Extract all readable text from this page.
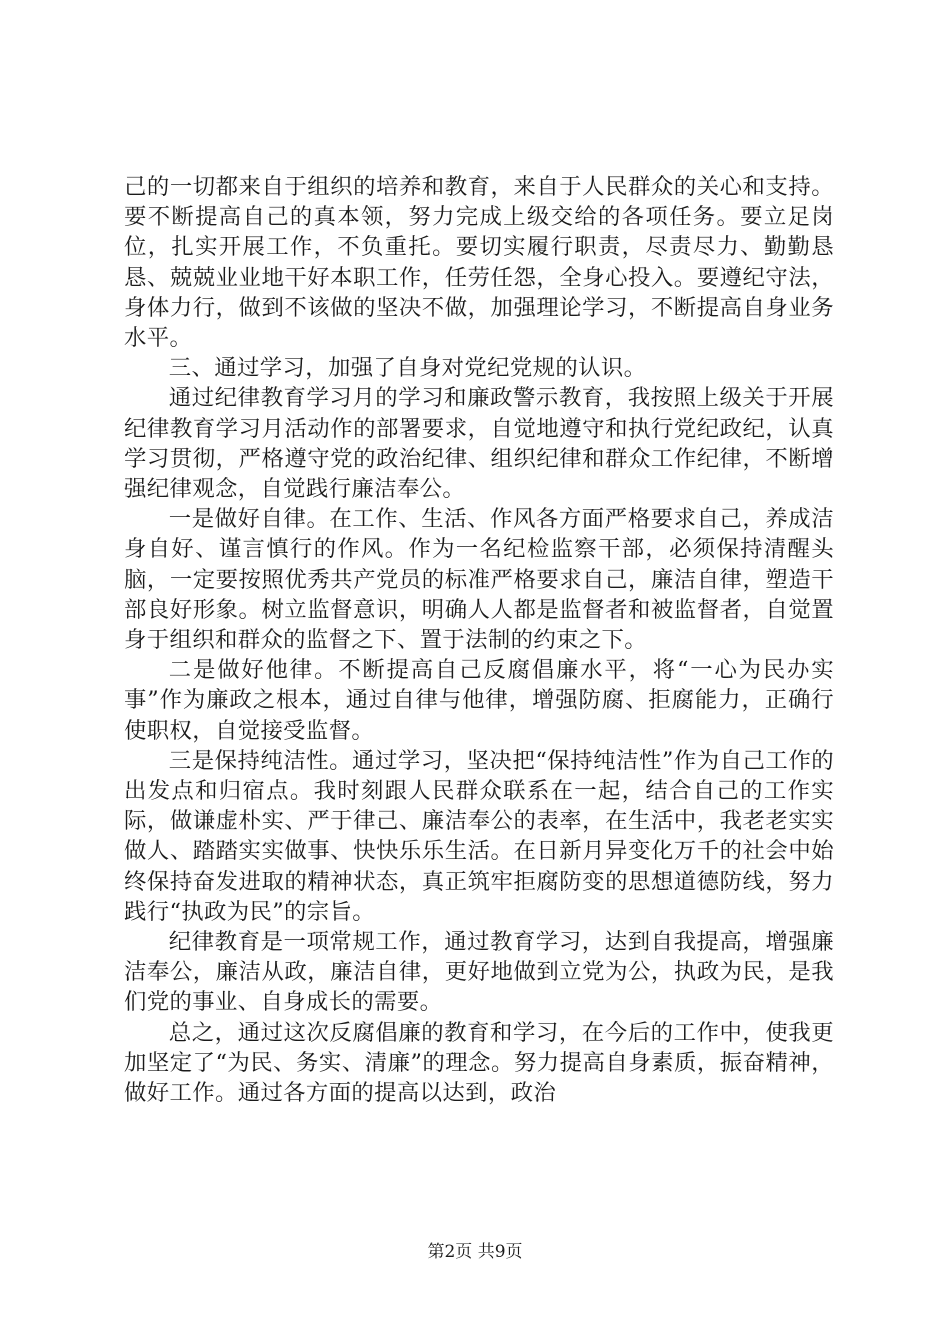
己的一切都来自于组织的培养和教育，来自于人民群众的关心和支持。要不断提高自己的真本领，努力完成上级交给的各项任务。要立足岗位，扎实开展工作，不负重托。要切实履行职责，尽责尽力、勤勤恳恳、兢兢业业地干好本职工作，任劳任怨，全身心投入。要遵纪守法，身体力行，做到不该做的坚决不做，加强理论学习，不断提高自身业务水平。

三、通过学习，加强了自身对党纪党规的认识。

通过纪律教育学习月的学习和廉政警示教育，我按照上级关于开展纪律教育学习月活动作的部署要求，自觉地遵守和执行党纪政纪，认真学习贯彻，严格遵守党的政治纪律、组织纪律和群众工作纪律，不断增强纪律观念，自觉践行廉洁奉公。

一是做好自律。在工作、生活、作风各方面严格要求自己，养成洁身自好、谨言慎行的作风。作为一名纪检监察干部，必须保持清醒头脑，一定要按照优秀共产党员的标准严格要求自己，廉洁自律，塑造干部良好形象。树立监督意识，明确人人都是监督者和被监督者，自觉置身于组织和群众的监督之下、置于法制的约束之下。

二是做好他律。不断提高自己反腐倡廉水平，将“一心为民办实事”作为廉政之根本，通过自律与他律，增强防腐、拒腐能力，正确行使职权，自觉接受监督。

三是保持纯洁性。通过学习，坚决把“保持纯洁性”作为自己工作的出发点和归宿点。我时刻跟人民群众联系在一起，结合自己的工作实际，做谦虚朴实、严于律己、廉洁奉公的表率，在生活中，我老老实实做人、踏踏实实做事、快快乐乐生活。在日新月异变化万千的社会中始终保持奋发进取的精神状态，真正筑牢拒腐防变的思想道德防线，努力践行“执政为民”的宗旨。

纪律教育是一项常规工作，通过教育学习，达到自我提高，增强廉洁奉公，廉洁从政，廉洁自律，更好地做到立党为公，执政为民，是我们党的事业、自身成长的需要。

总之，通过这次反腐倡廉的教育和学习，在今后的工作中，使我更加坚定了“为民、务实、清廉”的理念。努力提高自身素质，振奋精神，做好工作。通过各方面的提高以达到，政治

第2页 共9页
